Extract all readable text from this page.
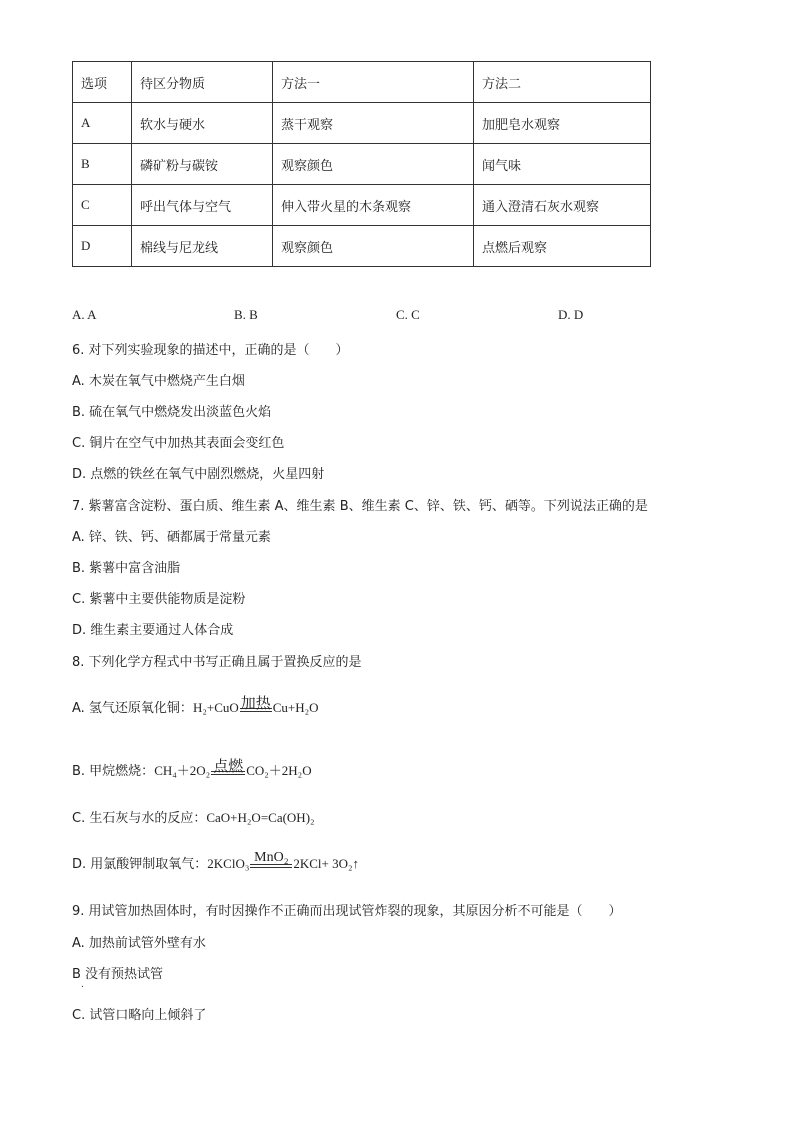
选项	待区分物质	方法一	方法二
A	软水与硬水	蒸干观察	加肥皂水观察
B	磷矿粉与碳铵	观察颜色	闻气味
C	呼出气体与空气	伸入带火星的木条观察	通入澄清石灰水观察
D	棉线与尼龙线	观察颜色	点燃后观察
A. A	B. B	C. C	D. D
6. 对下列实验现象的描述中，正确的是（　　）
A. 木炭在氧气中燃烧产生白烟
B. 硫在氧气中燃烧发出淡蓝色火焰
C. 铜片在空气中加热其表面会变红色
D. 点燃的铁丝在氧气中剧烈燃烧，火星四射
7. 紫薯富含淀粉、蛋白质、维生素 A、维生素 B、维生素 C、锌、铁、钙、硒等。下列说法正确的是
A. 锌、铁、钙、硒都属于常量元素
B. 紫薯中富含油脂
C. 紫薯中主要供能物质是淀粉
D. 维生素主要通过人体合成
8. 下列化学方程式中书写正确且属于置换反应的是
A. 氢气还原氧化铜：H₂+CuO 加热 Cu+H₂O
B. 甲烷燃烧：CH₄＋2O₂ 点燃 CO₂＋2H₂O
C. 生石灰与水的反应：CaO+H₂O=Ca(OH)₂
D. 用氯酸钾制取氧气：2KClO₃ MnO₂ 2KCl+ 3O₂↑
9. 用试管加热固体时，有时因操作不正确而出现试管炸裂的现象，其原因分析不可能是（　　）
A. 加热前试管外壁有水
B 没有预热试管
.
C. 试管口略向上倾斜了
